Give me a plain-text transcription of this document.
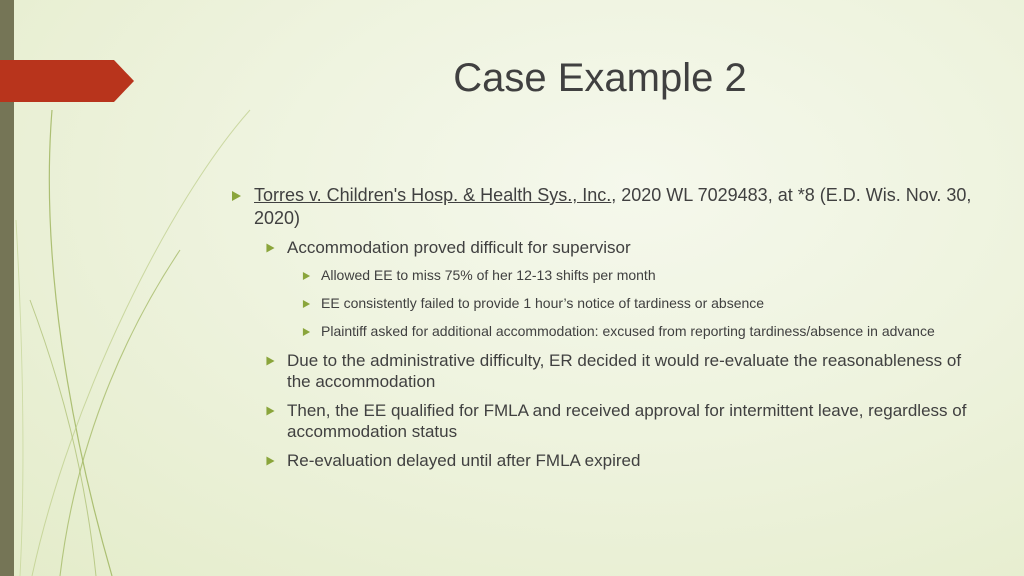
Case Example 2
Torres v. Children's Hosp. & Health Sys., Inc., 2020 WL 7029483, at *8 (E.D. Wis. Nov. 30, 2020)
Accommodation proved difficult for supervisor
Allowed EE to miss 75% of her 12-13 shifts per month
EE consistently failed to provide 1 hour’s notice of tardiness or absence
Plaintiff asked for additional accommodation: excused from reporting tardiness/absence in advance
Due to the administrative difficulty, ER decided it would re-evaluate the reasonableness of the accommodation
Then, the EE qualified for FMLA and received approval for intermittent leave, regardless of accommodation status
Re-evaluation delayed until after FMLA expired
